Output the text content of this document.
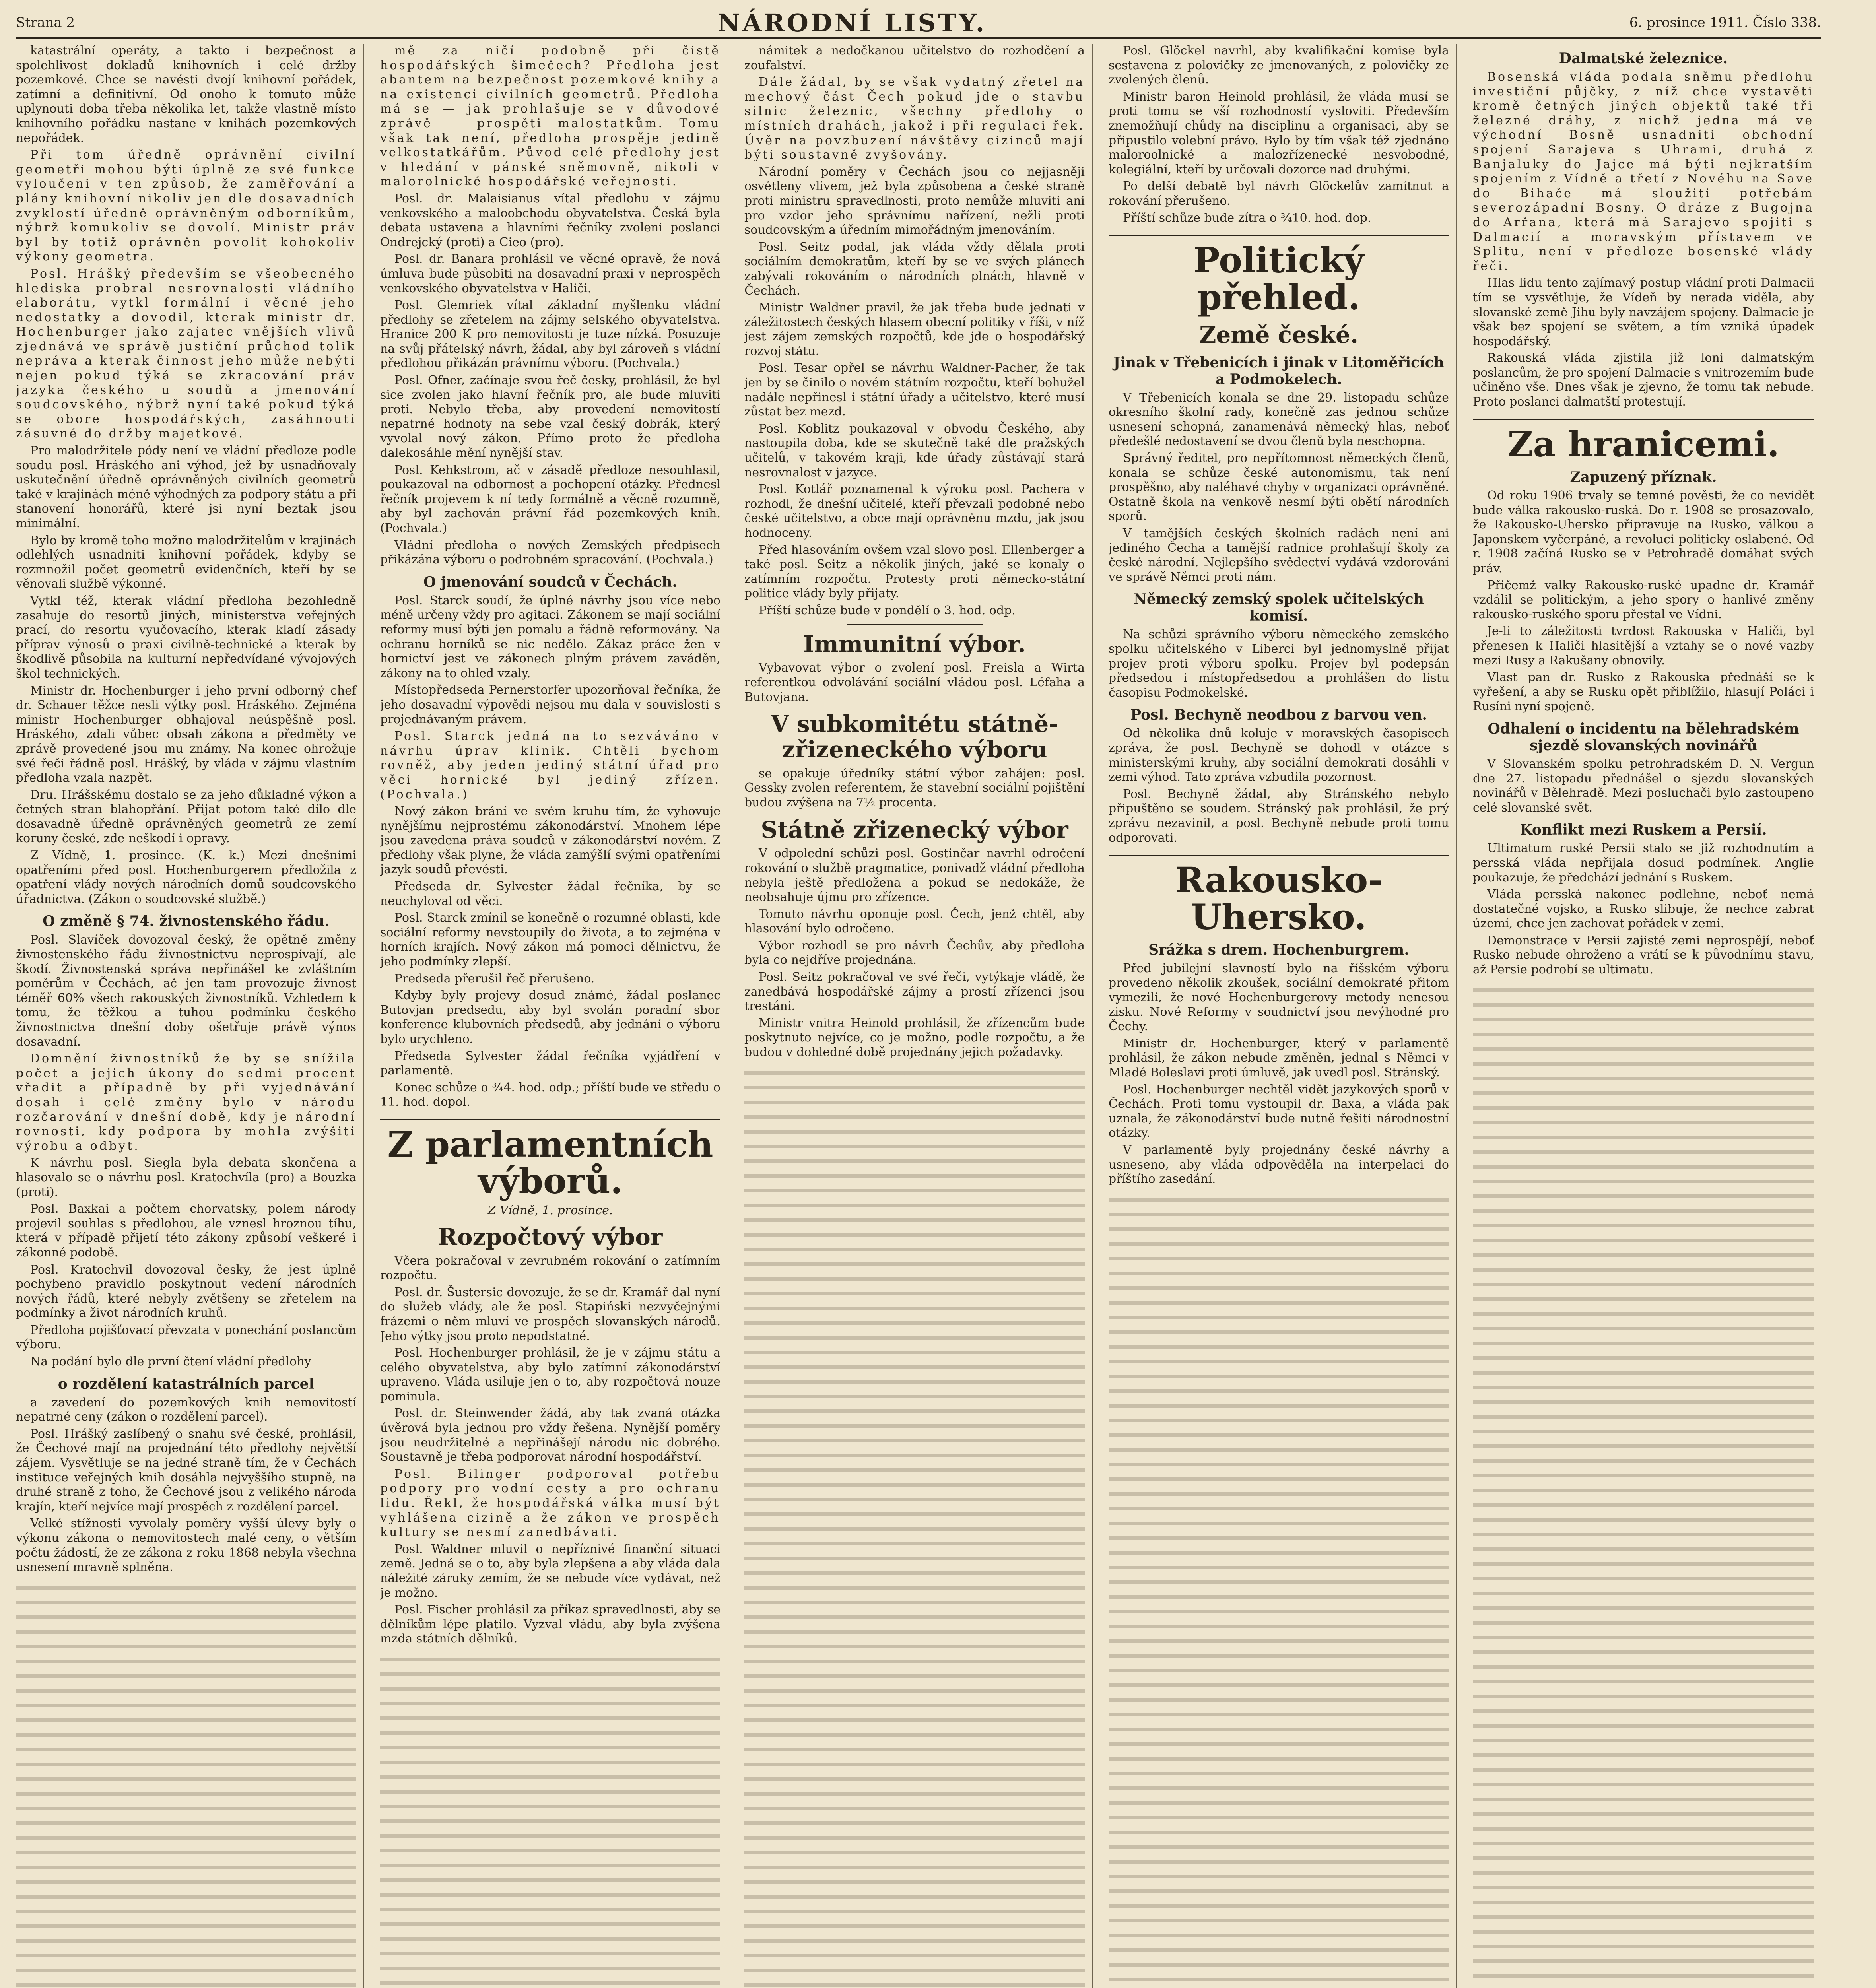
Strana 2	NÁRODNÍ LISTY.	6. prosince 1911. Číslo 338.

katastrální operáty, a takto i bezpečnost a spolehlivost dokladů knihovních i celé držby pozemkové. Chce se navésti dvojí knihovní pořádek, zatímní a definitivní. Od onoho k tomuto může uplynouti doba třeba několika let, takže vlastně místo knihovního pořádku nastane v knihách pozemkových nepořádek.

Při tom úředně oprávnění civilní geometři mohou býti úplně ze své funkce vyloučeni v ten způsob, že zaměřování a plány knihovní nikoliv jen dle dosavadních zvyklostí úředně oprávněným odborníkům, nýbrž komukoliv se dovolí. Ministr práv byl by totiž oprávněn povolit kohokoliv výkony geometra.

Posl. Hrášký především se všeobecného hlediska probral nesrovnalosti vládního elaborátu, vytkl formální i věcné jeho nedostatky a dovodil, kterak ministr dr. Hochenburger jako zajatec vnějších vlivů zjednává ve správě justiční průchod tolik nepráva a kterak činnost jeho může nebýti nejen pokud týká se zkracování práv jazyka českého u soudů a jmenování soudcovského, nýbrž nyní také pokud týká se obore hospodářských, zasáhnouti zásuvné do držby majetkové.

Pro malodržitele pódy není ve vládní předloze podle soudu posl. Hráského ani výhod, jež by usnadňovaly uskutečnění úředně oprávněných civilních geometrů také v krajinách méně výhodných za podpory státu a při stanovení honorářů, které jsi nyní beztak jsou minimální.

Bylo by kromě toho možno malodržitelům v krajinách odlehlých usnadniti knihovní pořádek, kdyby se rozmnožil počet geometrů evidenčních, kteří by se věnovali službě výkonné.

Vytkl též, kterak vládní předloha bezohledně zasahuje do resortů jiných, ministerstva veřejných prací, do resortu vyučovacího, kterak kladí zásady příprav výnosů o praxi civilně-technické a kterak by škodlivě působila na kulturní nepředvídané vývojových škol technických.

Ministr dr. Hochenburger i jeho první odborný chef dr. Schauer těžce nesli výtky posl. Hráského. Zejména ministr Hochenburger obhajoval neúspěšně posl. Hráského, zdali vůbec obsah zákona a předměty ve zprávě provedené jsou mu známy. Na konec ohrožuje své řeči řádně posl. Hrášký, by vláda v zájmu vlastním předloha vzala nazpět.

Dru. Hrášskému dostalo se za jeho důkladné výkon a četných stran blahopřání. Přijat potom také dílo dle dosavadně úředně oprávněných geometrů ze zemí koruny české, zde neškodí i opravy.

Z Vídně, 1. prosince. (K. k.) Mezi dnešními opatřeními před posl. Hochenburgerem předložila z opatření vlády nových národních domů soudcovského úřadnictva. (Zákon o soudcovské službě.)

O změně § 74. živnostenského řádu.

Posl. Slavíček dovozoval český, že opětně změny živnostenského řádu živnostnictvu neprospívají, ale škodí. Živnostenská správa nepřinášel ke zvláštním poměrům v Čechách, ač jen tam provozuje živnost téměř 60% všech rakouských živnostníků. Vzhledem k tomu, že těžkou a tuhou podmínku českého živnostnictva dnešní doby ošetřuje právě výnos dosavadní.

Domnění živnostníků že by se snížila počet a jejich úkony do sedmi procent vřadit a případně by při vyjednávání dosah i celé změny bylo v národu rozčarování v dnešní době, kdy je národní rovnosti, kdy podpora by mohla zvýšiti výrobu a odbyt.

K návrhu posl. Siegla byla debata skončena a hlasovalo se o návrhu posl. Kratochvíla (pro) a Bouzka (proti).

Posl. Baxkai a počtem chorvatsky, polem národy projevil souhlas s předlohou, ale vznesl hroznou tíhu, která v případě přijetí této zákony způsobí veškeré i zákonné podobě.

Posl. Kratochvil dovozoval česky, že jest úplně pochybeno pravidlo poskytnout vedení národních nových řádů, které nebyly zvětšeny se zřetelem na podmínky a život národních kruhů.

Předloha pojišťovací převzata v ponechání poslancům výboru.

Na podání bylo dle první čtení vládní předlohy

o rozdělení katastrálních parcel

a zavedení do pozemkových knih nemovitostí nepatrné ceny (zákon o rozdělení parcel).

Posl. Hrášký zaslíbený o snahu své české, prohlásil, že Čechové mají na projednání této předlohy největší zájem. Vysvětluje se na jedné straně tím, že v Čechách instituce veřejných knih dosáhla nejvyššího stupně, na druhé straně z toho, že Čechové jsou z velikého národa krajín, kteří nejvíce mají prospěch z rozdělení parcel.

Velké stížnosti vyvolaly poměry vyšší úlevy byly o výkonu zákona o nemovitostech malé ceny, o větším počtu žádostí, že ze zákona z roku 1868 nebyla všechna usnesení mravně splněna.

mě za ničí podobně při čistě hospodářských šimečech? Předloha jest abantem na bezpečnost pozemkové knihy a na existenci civilních geometrů. Předloha má se — jak prohlašuje se v důvodové zprávě — prospěti malostatkům. Tomu však tak není, předloha prospěje jedině velkostatkářům. Původ celé předlohy jest v hledání v pánské sněmovně, nikoli v malorolnické hospodářské veřejnosti.

Posl. dr. Malaisianus vítal předlohu v zájmu venkovského a maloobchodu obyvatelstva. Česká byla debata ustavena a hlavními řečníky zvoleni poslanci Ondrejcký (proti) a Cieo (pro).

Posl. dr. Banara prohlásil ve věcné opravě, že nová úmluva bude působiti na dosavadní praxi v neprospěch venkovského obyvatelstva v Haliči.

Posl. Glemriek vítal základní myšlenku vládní předlohy se zřetelem na zájmy selského obyvatelstva. Hranice 200 K pro nemovitosti je tuze nízká. Posuzuje na svůj přátelský návrh, žádal, aby byl zároveň s vládní předlohou přikázán právnímu výboru. (Pochvala.)

Posl. Ofner, začínaje svou řeč česky, prohlásil, že byl sice zvolen jako hlavní řečník pro, ale bude mluviti proti. Nebylo třeba, aby provedení nemovitostí nepatrné hodnoty na sebe vzal český dobrák, který vyvolal nový zákon. Přímo proto že předloha dalekosáhle mění nynější stav.

Posl. Kehkstrom, ač v zásadě předloze nesouhlasil, poukazoval na odbornost a pochopení otázky. Přednesl řečník projevem k ní tedy formálně a věcně rozumně, aby byl zachován právní řád pozemkových knih. (Pochvala.)

Vládní předloha o nových Zemských předpisech přikázána výboru o podrobném spracování. (Pochvala.)

O jmenování soudců v Čechách.

Posl. Starck soudí, že úplné návrhy jsou více nebo méně určeny vždy pro agitaci. Zákonem se mají sociální reformy musí býti jen pomalu a řádně reformovány. Na ochranu horníků se nic nedělo. Zákaz práce žen v hornictví jest ve zákonech plným právem zaváděn, zákony na to ohled vzaly.

Místopředseda Pernerstorfer upozorňoval řečníka, že jeho dosavadní výpovědi nejsou mu dala v souvislosti s projednávaným právem.

Posl. Starck jedná na to sezváváno v návrhu úprav klinik. Chtěli bychom rovněž, aby jeden jediný státní úřad pro věci hornické byl jediný zřízen. (Pochvala.)

Nový zákon brání ve svém kruhu tím, že vyhovuje nynějšímu nejprostému zákonodárství. Mnohem lépe jsou zavedena práva soudců v zákonodárství novém. Z předlohy však plyne, že vláda zamýšlí svými opatřeními jazyk soudů převésti.

Předseda dr. Sylvester žádal řečníka, by se neuchyloval od věci.

Posl. Starck zmínil se konečně o rozumné oblasti, kde sociální reformy nevstoupily do života, a to zejména v horních krajích. Nový zákon má pomoci dělnictvu, že jeho podmínky zlepší.

Predseda přerušil řeč přerušeno.

Kdyby byly projevy dosud známé, žádal poslanec Butovjan predsedu, aby byl svolán poradní sbor konference klubovních předsedů, aby jednání o výboru bylo urychleno.

Předseda Sylvester žádal řečníka vyjádření v parlamentě.

Konec schůze o ¾4. hod. odp.; příští bude ve středu o 11. hod. dopol.

Z parlamentních výborů.
Z Vídně, 1. prosince.
Rozpočtový výbor

Včera pokračoval v zevrubném rokování o zatímním rozpočtu.

Posl. dr. Šustersic dovozuje, že se dr. Kramář dal nyní do služeb vlády, ale že posl. Stapiński nezvyčejnými frázemi o něm mluví ve prospěch slovanských národů. Jeho výtky jsou proto nepodstatné.

Posl. Hochenburger prohlásil, že je v zájmu státu a celého obyvatelstva, aby bylo zatímní zákonodárství upraveno. Vláda usiluje jen o to, aby rozpočtová nouze pominula.

Posl. dr. Steinwender žádá, aby tak zvaná otázka úvěrová byla jednou pro vždy řešena. Nynější poměry jsou neudržitelné a nepřinášejí národu nic dobrého. Soustavně je třeba podporovat národní hospodářství.

Posl. Bilinger podporoval potřebu podpory pro vodní cesty a pro ochranu lidu. Řekl, že hospodářská válka musí být vyhlášena cizině a že zákon ve prospěch kultury se nesmí zanedbávati.

Posl. Waldner mluvil o nepříznivé finanční situaci země. Jedná se o to, aby byla zlepšena a aby vláda dala náležité záruky zemím, že se nebude více vydávat, než je možno.

Posl. Fischer prohlásil za příkaz spravedlnosti, aby se dělníkům lépe platilo. Vyzval vládu, aby byla zvýšena mzda státních dělníků.

námitek a nedočkanou učitelstvo do rozhodčení a zoufalství.

Dále žádal, by se však vydatný zřetel na mechový část Čech pokud jde o stavbu silnic železnic, všechny předlohy o místních drahách, jakož i při regulaci řek. Úvěr na povzbuzení návštěvy cizinců mají býti soustavně zvyšovány.

Národní poměry v Čechách jsou co nejjasněji osvětleny vlivem, jež byla způsobena a české straně proti ministru spravedlnosti, proto nemůže mluviti ani pro vzdor jeho správnímu nařízení, nežli proti soudcovským a úředním mimořádným jmenováním.

Posl. Seitz podal, jak vláda vždy dělala proti sociálním demokratům, kteří by se ve svých plánech zabývali rokováním o národních plnách, hlavně v Čechách.

Ministr Waldner pravil, že jak třeba bude jednati v záležitostech českých hlasem obecní politiky v říši, v níž jest zájem zemských rozpočtů, kde jde o hospodářský rozvoj státu.

Posl. Tesar opřel se návrhu Waldner-Pacher, že tak jen by se činilo o novém státním rozpočtu, kteří bohužel nadále nepřinesl i státní úřady a učitelstvo, které musí zůstat bez mezd.

Posl. Koblitz poukazoval v obvodu Českého, aby nastoupila doba, kde se skutečně také dle pražských učitelů, v takovém kraji, kde úřady zůstávají stará nesrovnalost v jazyce.

Posl. Kotlář poznamenal k výroku posl. Pachera v rozhodl, že dnešní učitelé, kteří převzali podobné nebo české učitelstvo, a obce mají oprávněnu mzdu, jak jsou hodnoceny.

Před hlasováním ovšem vzal slovo posl. Ellenberger a také posl. Seitz a několik jiných, jaké se konaly o zatímním rozpočtu. Protesty proti německo-státní politice vlády byly přijaty.

Příští schůze bude v pondělí o 3. hod. odp.

Immunitní výbor.

Vybavovat výbor o zvolení posl. Freisla a Wirta referentkou odvolávání sociální vládou posl. Léfaha a Butovjana.

V subkomitétu státně-zřizeneckého výboru

se opakuje úředníky státní výbor zahájen: posl. Gessky zvolen referentem, že stavební sociální pojištění budou zvýšena na 7½ procenta.

Státně zřizenecký výbor

V odpolední schůzi posl. Gostinčar navrhl odročení rokování o službě pragmatice, ponivadž vládní předloha nebyla ještě předložena a pokud se nedokáže, že neobsahuje újmu pro zřízence.

Tomuto návrhu oponuje posl. Čech, jenž chtěl, aby hlasování bylo odročeno.

Výbor rozhodl se pro návrh Čechův, aby předloha byla co nejdříve projednána.

Posl. Seitz pokračoval ve své řeči, vytýkaje vládě, že zanedbává hospodářské zájmy a prostí zřízenci jsou trestáni.

Ministr vnitra Heinold prohlásil, že zřízencům bude poskytnuto nejvíce, co je možno, podle rozpočtu, a že budou v dohledné době projednány jejich požadavky.

Posl. Glöckel navrhl, aby kvalifikační komise byla sestavena z polovičky ze jmenovaných, z polovičky ze zvolených členů.

Ministr baron Heinold prohlásil, že vláda musí se proti tomu se vší rozhodností vysloviti. Především znemožňují chůdy na disciplinu a organisaci, aby se připustilo volební právo. Bylo by tím však též zjednáno maloroolnické a malozřízenecké nesvobodné, kolegiální, kteří by určovali dozorce nad druhými.

Po delší debatě byl návrh Glöckelův zamítnut a rokování přerušeno.

Příští schůze bude zítra o ¾10. hod. dop.

Politický přehled.
Země české.
Jinak v Třebenicích i jinak v Litoměřicích a Podmokelech.

V Třebenicích konala se dne 29. listopadu schůze okresního školní rady, konečně zas jednou schůze usnesení schopná, zanamenává německý hlas, neboť předešlé nedostavení se dvou členů byla neschopna.

Správný ředitel, pro nepřítomnost německých členů, konala se schůze české autonomismu, tak není prospěšno, aby naléhavé chyby v organizaci oprávněné. Ostatně škola na venkově nesmí býti obětí národních sporů.

V tamějších českých školních radách není ani jediného Čecha a tamější radnice prohlašují školy za české národní. Nejlepšího svědectví vydává vzdorování ve správě Němci proti nám.

Německý zemský spolek učitelských komisí.

Na schůzi správního výboru německého zemského spolku učitelského v Liberci byl jednomyslně přijat projev proti výboru spolku. Projev byl podepsán předsedou i místopředsedou a prohlášen do listu časopisu Podmokelské.

Posl. Bechyně neodbou z barvou ven.

Od několika dnů koluje v moravských časopisech zpráva, že posl. Bechyně se dohodl v otázce s ministerskými kruhy, aby sociální demokrati dosáhli v zemi výhod. Tato zpráva vzbudila pozornost.

Posl. Bechyně žádal, aby Stránského nebylo připuštěno se soudem. Stránský pak prohlásil, že prý zprávu nezavinil, a posl. Bechyně nebude proti tomu odporovati.

Rakousko-Uhersko.
Srážka s drem. Hochenburgrem.

Před jubilejní slavností bylo na říšském výboru provedeno několik zkoušek, sociální demokraté přitom vymezili, že nové Hochenburgerovy metody nenesou zisku. Nové Reformy v soudnictví jsou nevýhodné pro Čechy.

Ministr dr. Hochenburger, který v parlamentě prohlásil, že zákon nebude změněn, jednal s Němci v Mladé Boleslavi proti úmluvě, jak uvedl posl. Stránský.

Posl. Hochenburger nechtěl vidět jazykových sporů v Čechách. Proti tomu vystoupil dr. Baxa, a vláda pak uznala, že zákonodárství bude nutně řešiti národnostní otázky.

V parlamentě byly projednány české návrhy a usneseno, aby vláda odpověděla na interpelaci do příštího zasedání.

Dalmatské železnice.

Bosenská vláda podala sněmu předlohu investiční půjčky, z níž chce vystavěti kromě četných jiných objektů také tři železné dráhy, z nichž jedna má ve východní Bosně usnadniti obchodní spojení Sarajeva s Uhrami, druhá z Banjaluky do Jajce má býti nejkratším spojením z Vídně a třetí z Novéhu na Save do Bihače má sloužiti potřebám severozápadní Bosny. O dráze z Bugojna do Arřana, která má Sarajevo spojiti s Dalmacií a moravským přístavem ve Splitu, není v předloze bosenské vlády řeči.

Hlas lidu tento zajímavý postup vládní proti Dalmacii tím se vysvětluje, že Vídeň by nerada viděla, aby slovanské země Jihu byly navzájem spojeny. Dalmacie je však bez spojení se světem, a tím vzniká úpadek hospodářský.

Rakouská vláda zjistila již loni dalmatským poslancům, že pro spojení Dalmacie s vnitrozemím bude učiněno vše. Dnes však je zjevno, že tomu tak nebude. Proto poslanci dalmatští protestují.

Za hranicemi.
Zapuzený příznak.

Od roku 1906 trvaly se temné pověsti, že co nevidět bude válka rakousko-ruská. Do r. 1908 se prosazovalo, že Rakousko-Uhersko připravuje na Rusko, válkou a Japonskem vyčerpáné, a revoluci politicky oslabené. Od r. 1908 začíná Rusko se v Petrohradě domáhat svých práv.

Přičemž valky Rakousko-ruské upadne dr. Kramář vzdálil se politickým, a jeho spory o hanlivé změny rakousko-ruského sporu přestal ve Vídni.

Je-li to záležitosti tvrdost Rakouska v Haliči, byl přenesen k Haliči hlasitější a vztahy se o nové vazby mezi Rusy a Rakušany obnovily.

Vlast pan dr. Rusko z Rakouska přednáší se k vyřešení, a aby se Rusku opět přiblížilo, hlasují Poláci i Rusíni nyní spojeně.

Odhalení o incidentu na bělehradském sjezdě slovanských novinářů

V Slovanském spolku petrohradském D. N. Vergun dne 27. listopadu přednášel o sjezdu slovanských novinářů v Bělehradě. Mezi posluchači bylo zastoupeno celé slovanské svět.

Konflikt mezi Ruskem a Persií.

Ultimatum ruské Persii stalo se již rozhodnutím a persská vláda nepřijala dosud podmínek. Anglie poukazuje, že předchází jednání s Ruskem.

Vláda persská nakonec podlehne, neboť nemá dostatečné vojsko, a Rusko slibuje, že nechce zabrat území, chce jen zachovat pořádek v zemi.

Demonstrace v Persii zajisté zemi neprospějí, neboť Rusko nebude ohroženo a vrátí se k původnímu stavu, až Persie podrobí se ultimatu.
